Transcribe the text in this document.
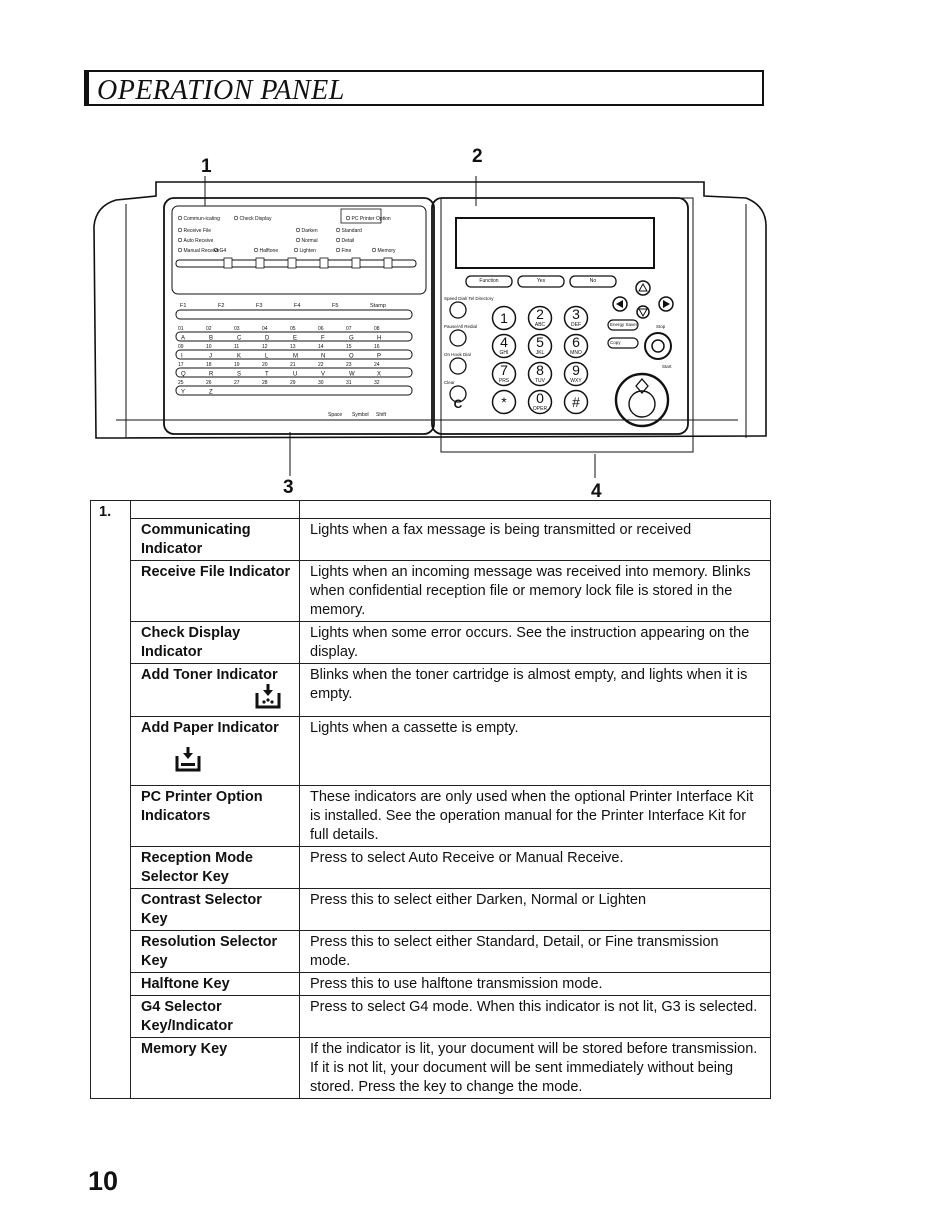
OPERATION PANEL
1	2
3	4
Commun-icating	Check Display	PC Printer Option
Receive File	Darken	Standard
Auto Receive	Normal	Detail
Manual Receive G4	Halftone	Lighten	Fine	Memory
F1	F2	F3	F4	F5	Stamp
01	02	03	04	05	06	07	08
A	B	C	D	E	F	G	H
09	10	11	12	13	14	15	16
I	J	K	L	M	N	O	P
17	18	19	20	21	22	23	24
Q	R	S	T	U	V	W	X
25	26	27	28	29	30	31	32
Y	Z
Space Symbol Shift
Function	Yes	No
Speed Dial/ Tel Directory
Pause/All Redial
On Hook Dial
Clear
C
1 2
ABC
3
DEF
4
GHI
5
JKL
6
MNO
7
PRS
8
TUV
9
WXY
* 0
OPER #
Energy Saver
Copy
Stop
Start
1.		
	Communicating Indicator	Lights when a fax message is being transmitted or received
	Receive File Indicator	Lights when an incoming message was received into memory. Blinks when confidential reception file or memory lock file is stored in the memory.
	Check Display Indicator	Lights when some error occurs. See the instruction appearing on the display.
	Add Toner Indicator	Blinks when the toner cartridge is almost empty, and lights when it is empty.
	Add Paper Indicator	Lights when a cassette is empty.
	PC Printer Option Indicators	These indicators are only used when the optional Printer Interface Kit is installed. See the operation manual for the Printer Interface Kit for full details.
	Reception Mode Selector Key	Press to select Auto Receive or Manual Receive.
	Contrast Selector Key	Press this to select either Darken, Normal or Lighten
	Resolution Selector Key	Press this to select either Standard, Detail, or Fine transmission mode.
	Halftone Key	Press this to use halftone transmission mode.
	G4 Selector Key/Indicator	Press to select G4 mode. When this indicator is not lit, G3 is selected.
	Memory Key	If the indicator is lit, your document will be stored before transmission. If it is not lit, your document will be sent immediately without being stored. Press the key to change the mode.
10
